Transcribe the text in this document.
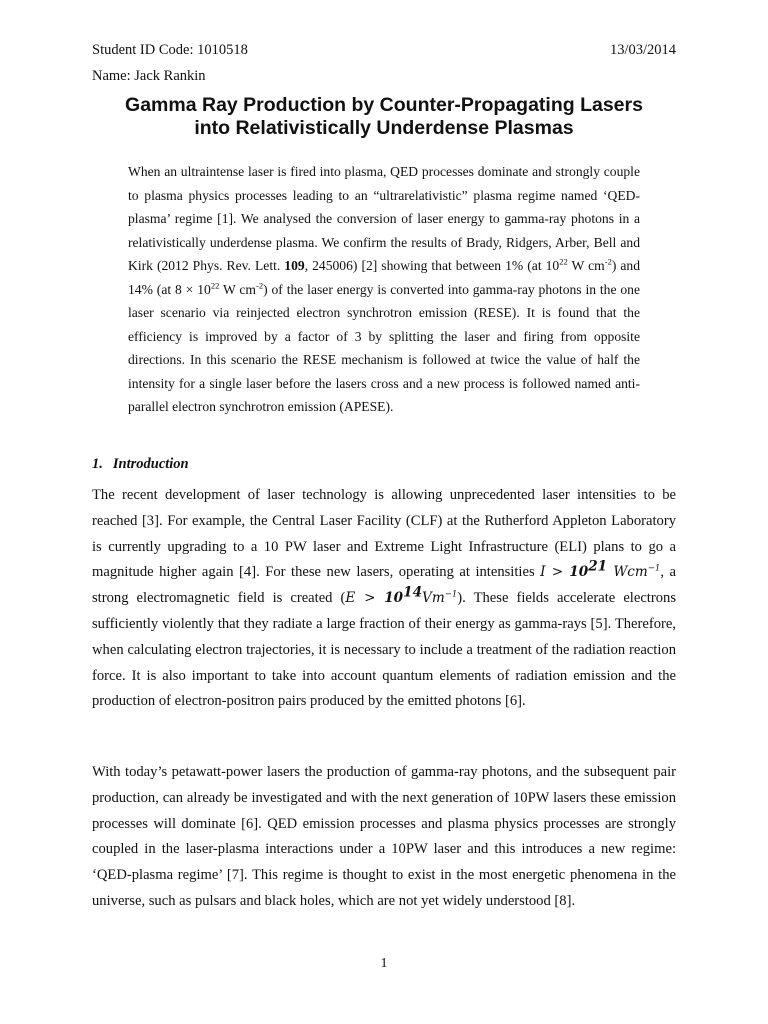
Student ID Code: 1010518	13/03/2014
Name: Jack Rankin
Gamma Ray Production by Counter-Propagating Lasers
into Relativistically Underdense Plasmas

When an ultraintense laser is fired into plasma, QED processes dominate and strongly couple to plasma physics processes leading to an “ultrarelativistic” plasma regime named ‘QED-plasma’ regime [1]. We analysed the conversion of laser energy to gamma-ray photons in a relativistically underdense plasma. We confirm the results of Brady, Ridgers, Arber, Bell and Kirk (2012 Phys. Rev. Lett. 109, 245006) [2] showing that between 1% (at $10^{22}$ W $cm^{-2}$) and 14% (at $8 \times 10^{22}$ W $cm^{-2}$) of the laser energy is converted into gamma-ray photons in the one laser scenario via reinjected electron synchrotron emission (RESE). It is found that the efficiency is improved by a factor of 3 by splitting the laser and firing from opposite directions. In this scenario the RESE mechanism is followed at twice the value of half the intensity for a single laser before the lasers cross and a new process is followed named anti-parallel electron synchrotron emission (APESE).

1. Introduction

The recent development of laser technology is allowing unprecedented laser intensities to be reached [3]. For example, the Central Laser Facility (CLF) at the Rutherford Appleton Laboratory is currently upgrading to a 10 PW laser and Extreme Light Infrastructure (ELI) plans to go a magnitude higher again [4]. For these new lasers, operating at intensities $I > 10^{21}$ Wcm$^{-1}$, a strong electromagnetic field is created $(E > 10^{14}Vm^{-1})$. These fields accelerate electrons sufficiently violently that they radiate a large fraction of their energy as gamma-rays [5]. Therefore, when calculating electron trajectories, it is necessary to include a treatment of the radiation reaction force. It is also important to take into account quantum elements of radiation emission and the production of electron-positron pairs produced by the emitted photons [6].

With today’s petawatt-power lasers the production of gamma-ray photons, and the subsequent pair production, can already be investigated and with the next generation of 10PW lasers these emission processes will dominate [6]. QED emission processes and plasma physics processes are strongly coupled in the laser-plasma interactions under a 10PW laser and this introduces a new regime: ‘QED-plasma regime’ [7]. This regime is thought to exist in the most energetic phenomena in the universe, such as pulsars and black holes, which are not yet widely understood [8].

1
